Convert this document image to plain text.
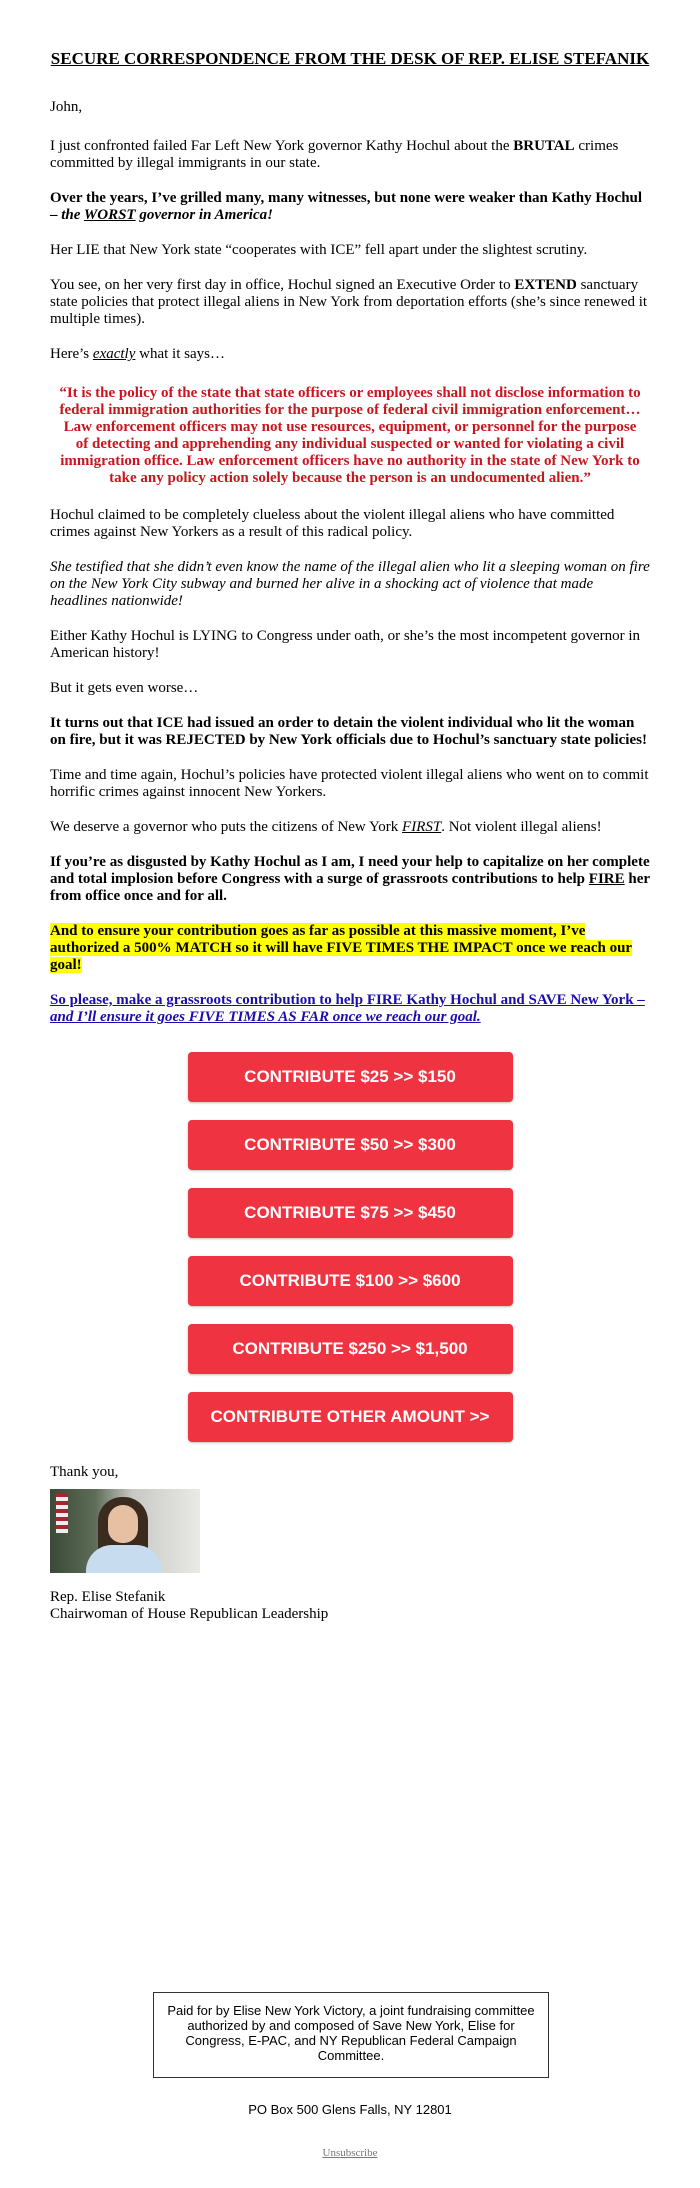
SECURE CORRESPONDENCE FROM THE DESK OF REP. ELISE STEFANIK

John,

I just confronted failed Far Left New York governor Kathy Hochul about the BRUTAL crimes committed by illegal immigrants in our state.

Over the years, I’ve grilled many, many witnesses, but none were weaker than Kathy Hochul – the WORST governor in America!

Her LIE that New York state “cooperates with ICE” fell apart under the slightest scrutiny.

You see, on her very first day in office, Hochul signed an Executive Order to EXTEND sanctuary state policies that protect illegal aliens in New York from deportation efforts (she’s since renewed it multiple times).

Here’s exactly what it says…

“It is the policy of the state that state officers or employees shall not disclose information to federal immigration authorities for the purpose of federal civil immigration enforcement… Law enforcement officers may not use resources, equipment, or personnel for the purpose of detecting and apprehending any individual suspected or wanted for violating a civil immigration office. Law enforcement officers have no authority in the state of New York to take any policy action solely because the person is an undocumented alien.”

Hochul claimed to be completely clueless about the violent illegal aliens who have committed crimes against New Yorkers as a result of this radical policy.

She testified that she didn’t even know the name of the illegal alien who lit a sleeping woman on fire on the New York City subway and burned her alive in a shocking act of violence that made headlines nationwide!

Either Kathy Hochul is LYING to Congress under oath, or she’s the most incompetent governor in American history!

But it gets even worse…

It turns out that ICE had issued an order to detain the violent individual who lit the woman on fire, but it was REJECTED by New York officials due to Hochul’s sanctuary state policies!

Time and time again, Hochul’s policies have protected violent illegal aliens who went on to commit horrific crimes against innocent New Yorkers.

We deserve a governor who puts the citizens of New York FIRST. Not violent illegal aliens!

If you’re as disgusted by Kathy Hochul as I am, I need your help to capitalize on her complete and total implosion before Congress with a surge of grassroots contributions to help FIRE her from office once and for all.

And to ensure your contribution goes as far as possible at this massive moment, I’ve authorized a 500% MATCH so it will have FIVE TIMES THE IMPACT once we reach our goal!

So please, make a grassroots contribution to help FIRE Kathy Hochul and SAVE New York – and I’ll ensure it goes FIVE TIMES AS FAR once we reach our goal.

CONTRIBUTE $25 >> $150
CONTRIBUTE $50 >> $300
CONTRIBUTE $75 >> $450
CONTRIBUTE $100 >> $600
CONTRIBUTE $250 >> $1,500
CONTRIBUTE OTHER AMOUNT >>

Thank you,

Rep. Elise Stefanik

Chairwoman of House Republican Leadership

Paid for by Elise New York Victory, a joint fundraising committee authorized by and composed of Save New York, Elise for Congress, E-PAC, and NY Republican Federal Campaign Committee.
PO Box 500 Glens Falls, NY 12801
Unsubscribe
